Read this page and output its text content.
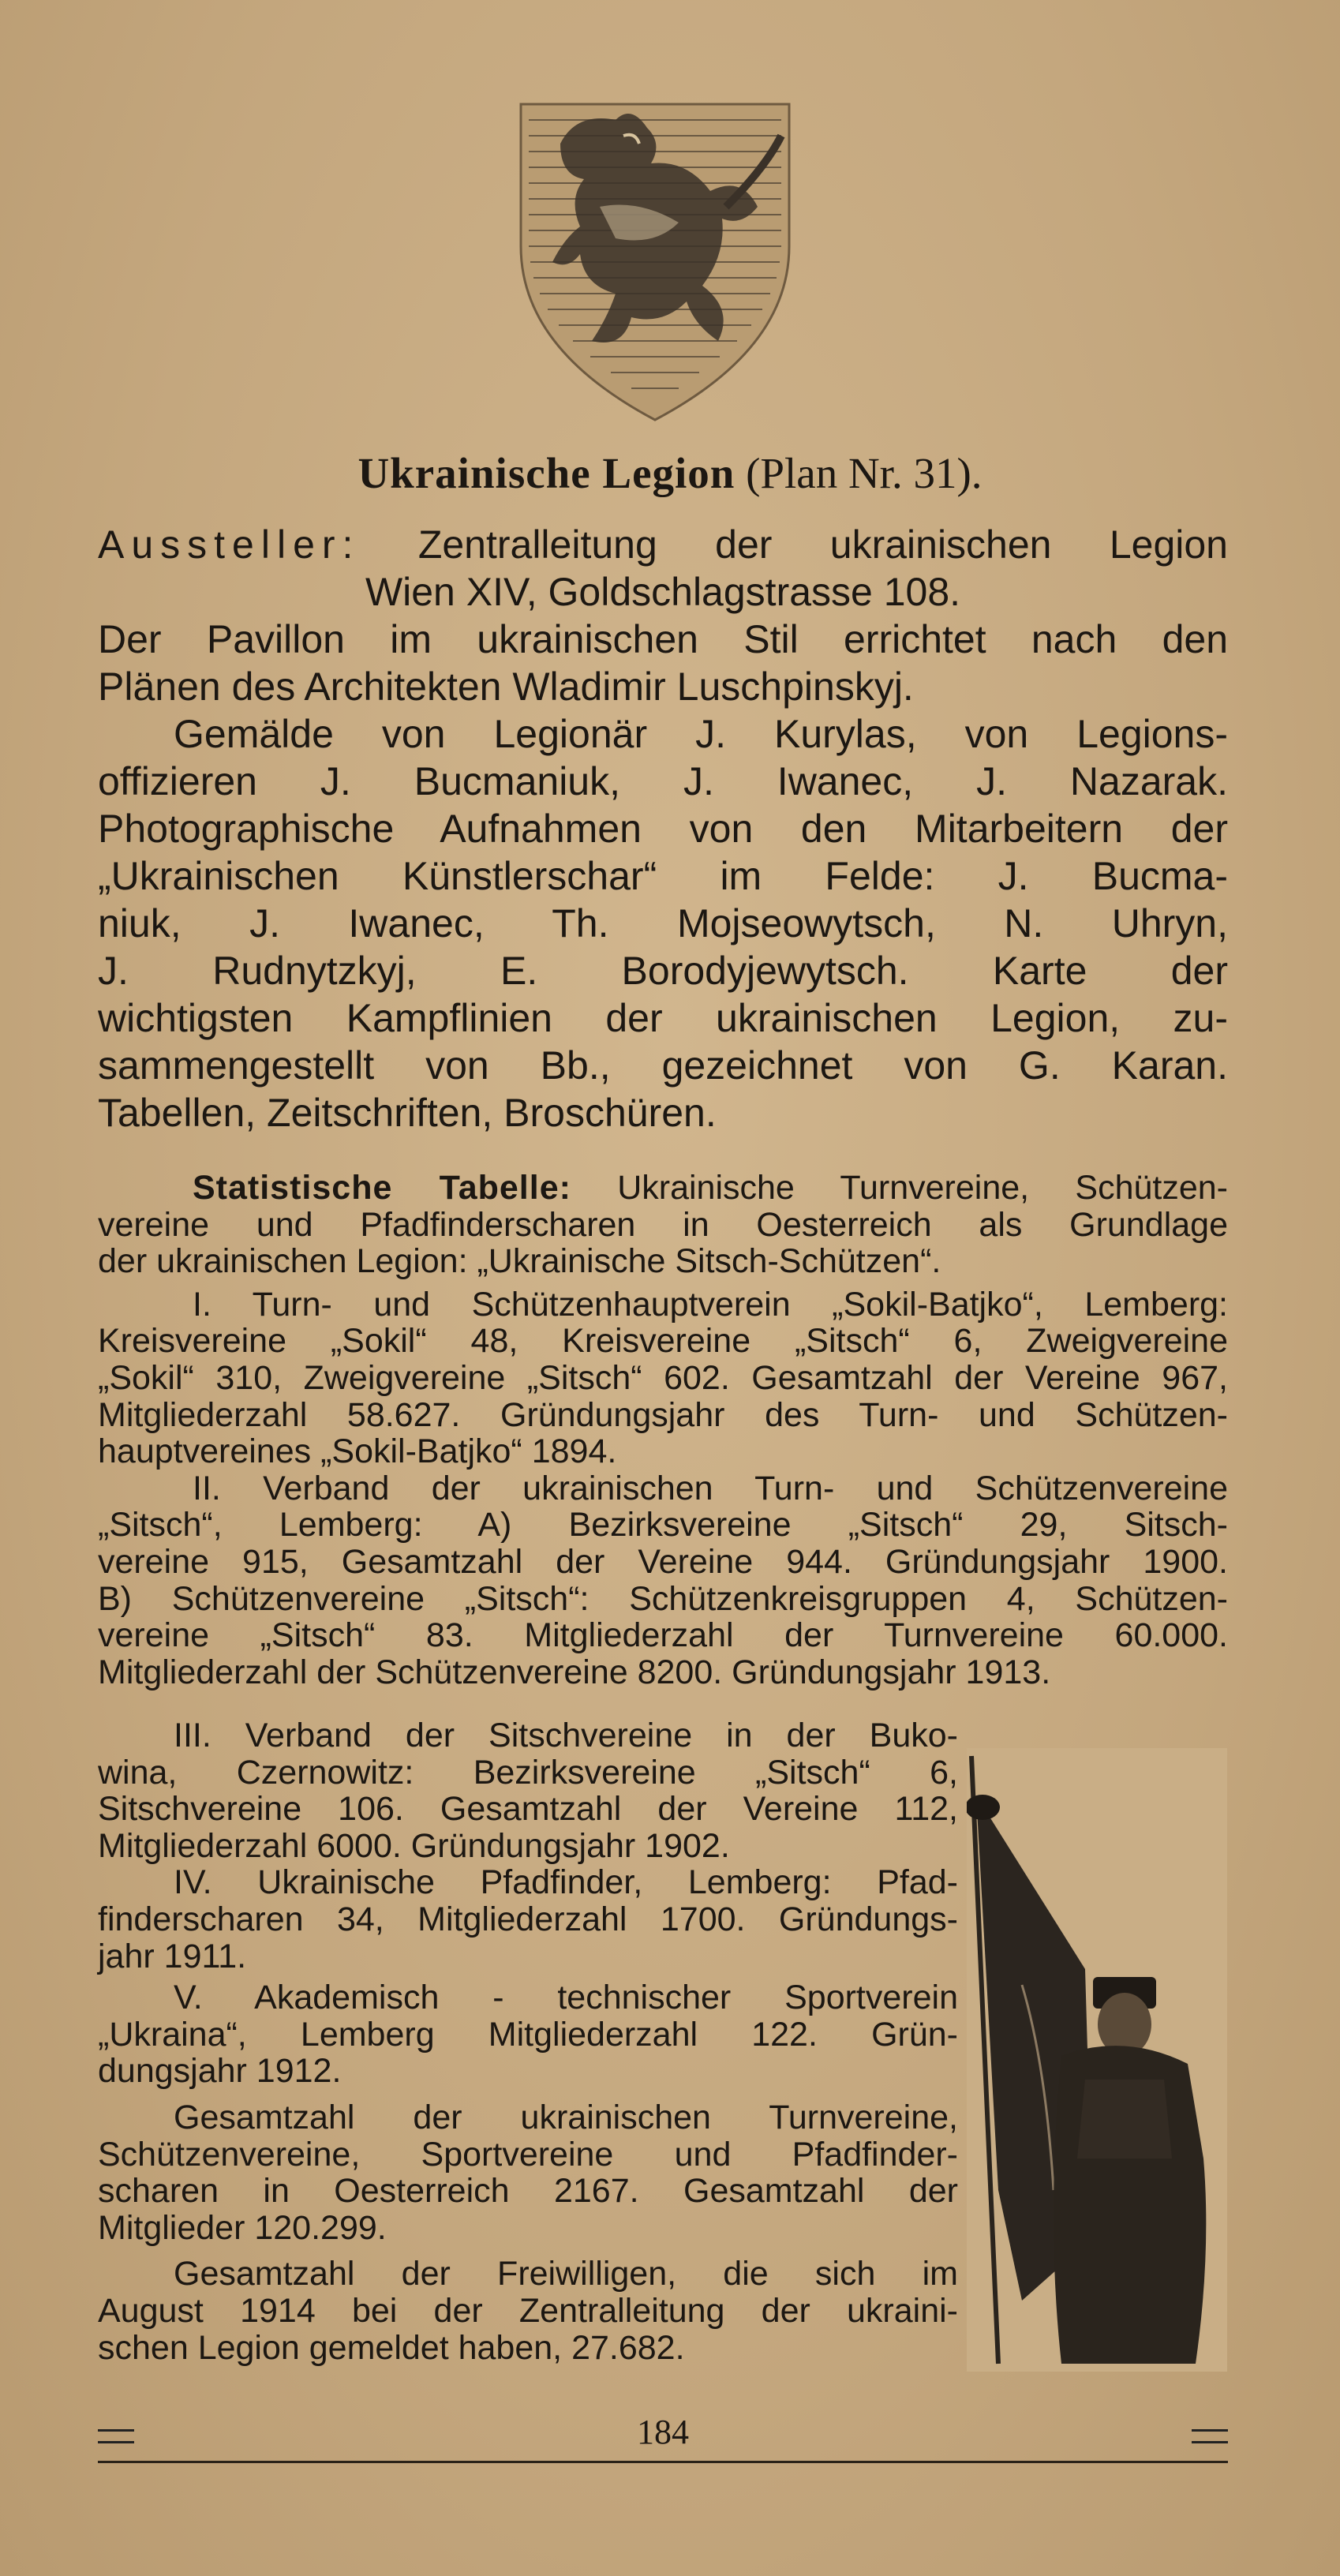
Ukrainische Legion (Plan Nr. 31).

Aussteller: Zentralleitung der ukrainischen Legion

Wien XIV, Goldschlagstrasse 108.

Der Pavillon im ukrainischen Stil errichtet nach den

Plänen des Architekten Wladimir Luschpinskyj.

Gemälde von Legionär J. Kurylas, von Legions-

offizieren J. Bucmaniuk, J. Iwanec, J. Nazarak.

Photographische Aufnahmen von den Mitarbeitern der

„Ukrainischen Künstlerschar“ im Felde: J. Bucma-

niuk, J. Iwanec, Th. Mojseowytsch, N. Uhryn,

J. Rudnytzkyj, E. Borodyjewytsch. Karte der

wichtigsten Kampflinien der ukrainischen Legion, zu-

sammengestellt von Bb., gezeichnet von G. Karan.

Tabellen, Zeitschriften, Broschüren.

Statistische Tabelle: Ukrainische Turnvereine, Schützen-

vereine und Pfadfinderscharen in Oesterreich als Grundlage

der ukrainischen Legion: „Ukrainische Sitsch-Schützen“.

I. Turn- und Schützenhauptverein „Sokil-Batjko“, Lemberg:

Kreisvereine „Sokil“ 48, Kreisvereine „Sitsch“ 6, Zweigvereine

„Sokil“ 310, Zweigvereine „Sitsch“ 602. Gesamtzahl der Vereine 967,

Mitgliederzahl 58.627. Gründungsjahr des Turn- und Schützen-

hauptvereines „Sokil-Batjko“ 1894.

II. Verband der ukrainischen Turn- und Schützenvereine

„Sitsch“, Lemberg: A) Bezirksvereine „Sitsch“ 29, Sitsch-

vereine 915, Gesamtzahl der Vereine 944. Gründungsjahr 1900.

B) Schützenvereine „Sitsch“: Schützenkreisgruppen 4, Schützen-

vereine „Sitsch“ 83. Mitgliederzahl der Turnvereine 60.000.

Mitgliederzahl der Schützenvereine 8200. Gründungsjahr 1913.

III. Verband der Sitschvereine in der Buko-

wina, Czernowitz: Bezirksvereine „Sitsch“ 6,

Sitschvereine 106. Gesamtzahl der Vereine 112,

Mitgliederzahl 6000. Gründungsjahr 1902.

IV. Ukrainische Pfadfinder, Lemberg: Pfad-

finderscharen 34, Mitgliederzahl 1700. Gründungs-

jahr 1911.

V. Akademisch - technischer Sportverein

„Ukraina“, Lemberg Mitgliederzahl 122. Grün-

dungsjahr 1912.

Gesamtzahl der ukrainischen Turnvereine,

Schützenvereine, Sportvereine und Pfadfinder-

scharen in Oesterreich 2167. Gesamtzahl der

Mitglieder 120.299.

Gesamtzahl der Freiwilligen, die sich im

August 1914 bei der Zentralleitung der ukraini-

schen Legion gemeldet haben, 27.682.

184
